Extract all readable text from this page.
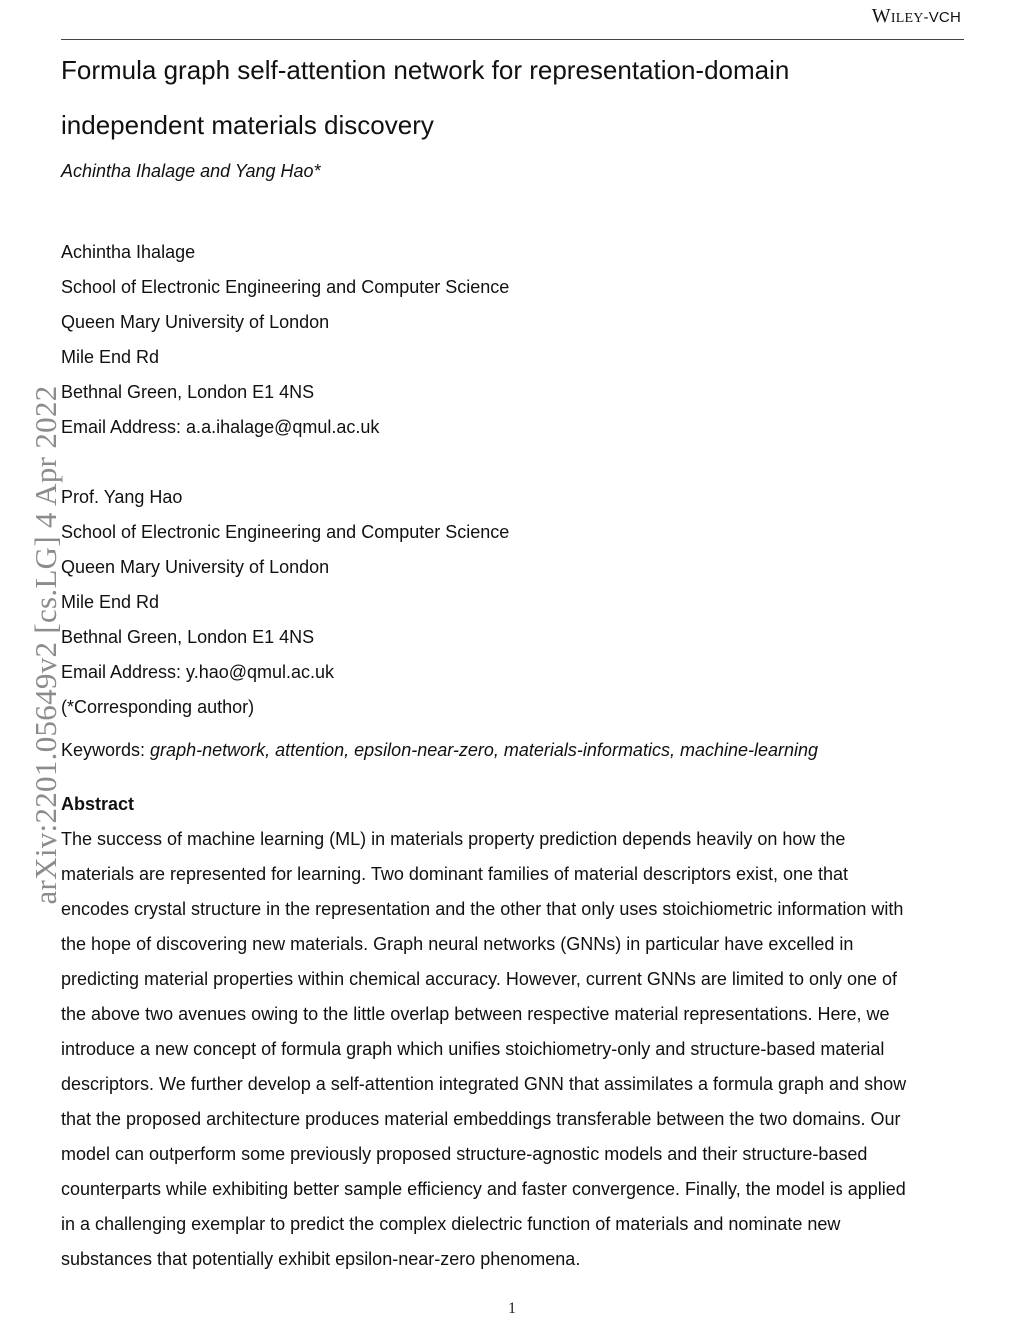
Wiley-VCH
arXiv:2201.05649v2 [cs.LG] 4 Apr 2022
Formula graph self-attention network for representation-domain
independent materials discovery
Achintha Ihalage and Yang Hao*
Achintha Ihalage
School of Electronic Engineering and Computer Science
Queen Mary University of London
Mile End Rd
Bethnal Green, London E1 4NS
Email Address: a.a.ihalage@qmul.ac.uk
Prof. Yang Hao
School of Electronic Engineering and Computer Science
Queen Mary University of London
Mile End Rd
Bethnal Green, London E1 4NS
Email Address: y.hao@qmul.ac.uk
(*Corresponding author)
Keywords: graph-network, attention, epsilon-near-zero, materials-informatics, machine-learning
Abstract
The success of machine learning (ML) in materials property prediction depends heavily on how the
materials are represented for learning. Two dominant families of material descriptors exist, one that
encodes crystal structure in the representation and the other that only uses stoichiometric information with
the hope of discovering new materials. Graph neural networks (GNNs) in particular have excelled in
predicting material properties within chemical accuracy. However, current GNNs are limited to only one of
the above two avenues owing to the little overlap between respective material representations. Here, we
introduce a new concept of formula graph which unifies stoichiometry-only and structure-based material
descriptors. We further develop a self-attention integrated GNN that assimilates a formula graph and show
that the proposed architecture produces material embeddings transferable between the two domains. Our
model can outperform some previously proposed structure-agnostic models and their structure-based
counterparts while exhibiting better sample efficiency and faster convergence. Finally, the model is applied
in a challenging exemplar to predict the complex dielectric function of materials and nominate new
substances that potentially exhibit epsilon-near-zero phenomena.
1
